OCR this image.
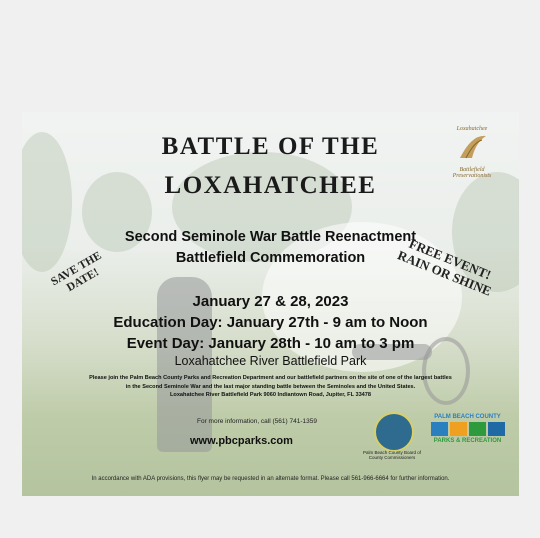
Loxahatchee
Battlefield Preservationists
BATTLE OF THE
LOXAHATCHEE
Second Seminole War Battle Reenactment
Battlefield Commemoration
SAVE THE DATE!	FREE EVENT! RAIN OR SHINE
January 27 & 28, 2023
Education Day: January 27th - 9 am to Noon
Event Day: January 28th - 10 am to 3 pm
Loxahatchee River Battlefield Park
Please join the Palm Beach County Parks and Recreation Department and our battlefield partners on the site of one of the largest battles
in the Second Seminole War and the last major standing battle between the Seminoles and the United States.
Loxahatchee River Battlefield Park 9060 Indiantown Road, Jupiter, FL 33478
For more information, call (561) 741-1359
www.pbcparks.com
Palm Beach County Board of County Commissioners
PALM BEACH COUNTY
PARKS & RECREATION
In accordance with ADA provisions, this flyer may be requested in an alternate format. Please call 561-966-6664 for further information.
